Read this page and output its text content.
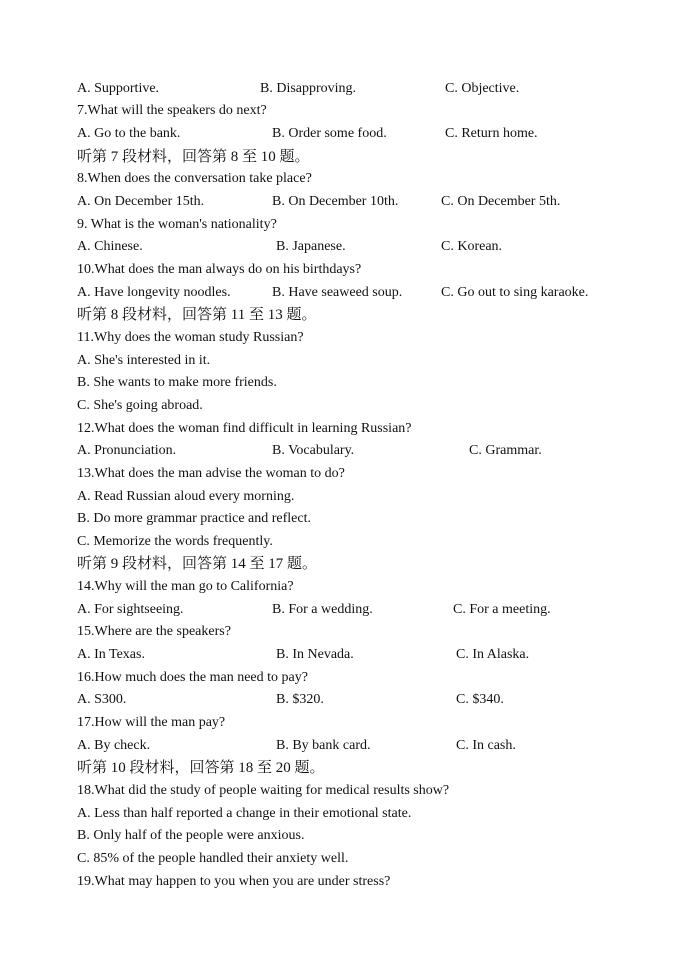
A. Supportive.	B. Disapproving.	C. Objective.
7.What will the speakers do next?
A. Go to the bank.	B. Order some food.	C. Return home.
听第 7 段材料，回答第 8 至 10 题。
8.When does the conversation take place?
A. On December 15th.	B. On December 10th.	C. On December 5th.
9. What is the woman's nationality?
A. Chinese.	B. Japanese.	C. Korean.
10.What does the man always do on his birthdays?
A. Have longevity noodles.	B. Have seaweed soup.	C. Go out to sing karaoke.
听第 8 段材料，回答第 11 至 13 题。
11.Why does the woman study Russian?
A. She's interested in it.
B. She wants to make more friends.
C. She's going abroad.
12.What does the woman find difficult in learning Russian?
A. Pronunciation.	B. Vocabulary.	C. Grammar.
13.What does the man advise the woman to do?
A. Read Russian aloud every morning.
B. Do more grammar practice and reflect.
C. Memorize the words frequently.
听第 9 段材料，回答第 14 至 17 题。
14.Why will the man go to California?
A. For sightseeing.	B. For a wedding.	C. For a meeting.
15.Where are the speakers?
A. In Texas.	B. In Nevada.	C. In Alaska.
16.How much does the man need to pay?
A. S300.	B. $320.	C. $340.
17.How will the man pay?
A. By check.	B. By bank card.	C. In cash.
听第 10 段材料，回答第 18 至 20 题。
18.What did the study of people waiting for medical results show?
A. Less than half reported a change in their emotional state.
B. Only half of the people were anxious.
C. 85% of the people handled their anxiety well.
19.What may happen to you when you are under stress?
